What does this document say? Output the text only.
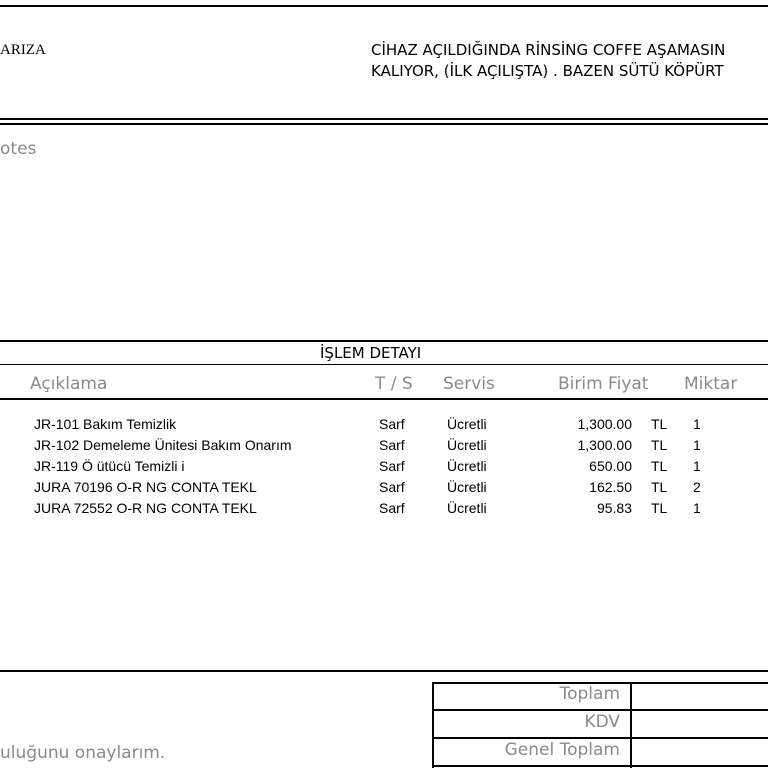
ARIZA	CİHAZ AÇILDIĞINDA RİNSİNG COFFE AŞAMASIN
KALIYOR, (İLK AÇILIŞTA) . BAZEN SÜTÜ KÖPÜRT
otes
İŞLEM DETAYI
Açıklama	T / S Servis	Birim Fiyat Miktar
JR-101 Bakım Temizlik	Sarf	Ücretli	1,300.00 TL 1
JR-102 Demeleme Ünitesi Bakım Onarım	Sarf	Ücretli	1,300.00 TL 1
JR-119 Ö ütücü Temizli i	Sarf	Ücretli	650.00 TL 1
JURA 70196 O-R NG CONTA TEKL	Sarf	Ücretli	162.50 TL 2
JURA 72552 O-R NG CONTA TEKL	Sarf	Ücretli	95.83 TL 1
Toplam
KDV
Genel Toplam
uluğunu onaylarım.
